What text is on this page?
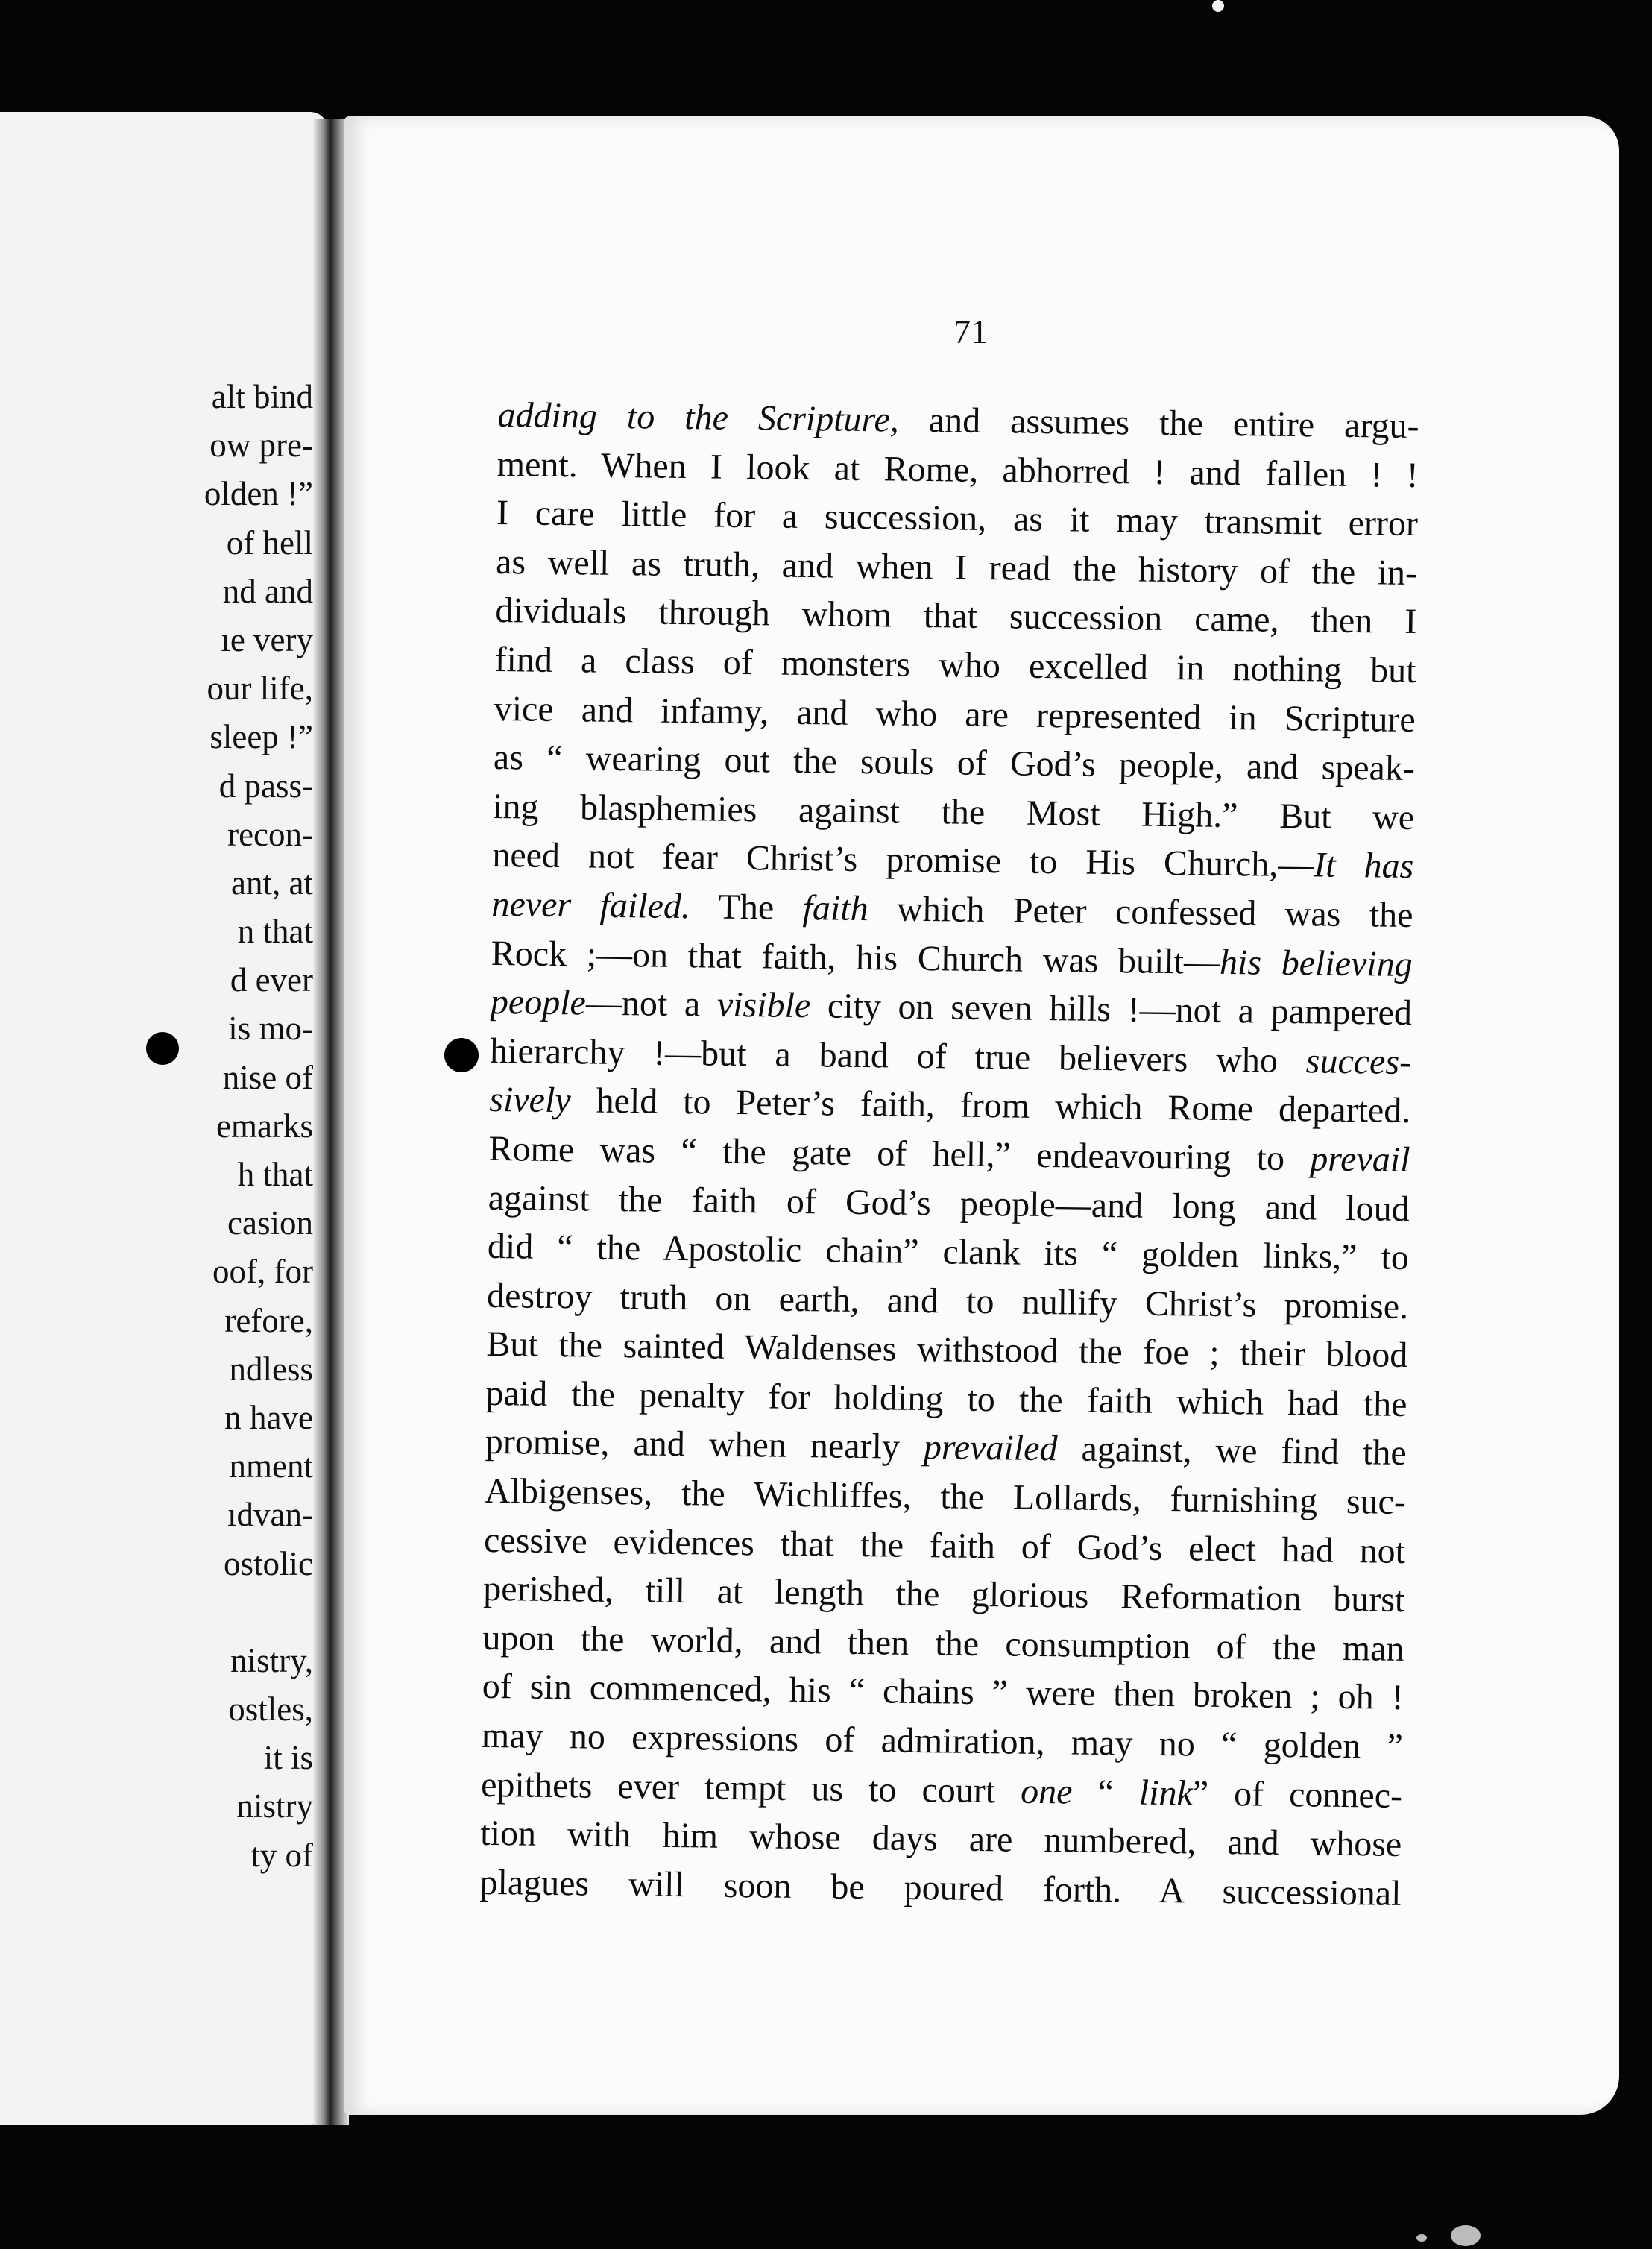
alt bind
ow pre-
olden !”
of hell
nd and
ıe very
our life,
sleep !”
d pass-
recon-
ant, at
n that
d ever
is mo-
nise of
emarks
h that
casion
oof, for
refore,
ndless
n have
nment
ıdvan-
ostolic
nistry,
ostles,
it is
nistry
ty of
71
adding to the Scripture, and assumes the entire argu-
ment. When I look at Rome, abhorred ! and fallen ! !
I care little for a succession, as it may transmit error
as well as truth, and when I read the history of the in-
dividuals through whom that succession came, then I
find a class of monsters who excelled in nothing but
vice and infamy, and who are represented in Scripture
as “ wearing out the souls of God’s people, and speak-
ing blasphemies against the Most High.” But we
need not fear Christ’s promise to His Church,—It has
never failed. The faith which Peter confessed was the
Rock ;—on that faith, his Church was built—his believing
people—not a visible city on seven hills !—not a pampered
hierarchy !—but a band of true believers who succes-
sively held to Peter’s faith, from which Rome departed.
Rome was “ the gate of hell,” endeavouring to prevail
against the faith of God’s people—and long and loud
did “ the Apostolic chain” clank its “ golden links,” to
destroy truth on earth, and to nullify Christ’s promise.
But the sainted Waldenses withstood the foe ; their blood
paid the penalty for holding to the faith which had the
promise, and when nearly prevailed against, we find the
Albigenses, the Wichliffes, the Lollards, furnishing suc-
cessive evidences that the faith of God’s elect had not
perished, till at length the glorious Reformation burst
upon the world, and then the consumption of the man
of sin commenced, his “ chains ” were then broken ; oh !
may no expressions of admiration, may no “ golden ”
epithets ever tempt us to court one “ link” of connec-
tion with him whose days are numbered, and whose
plagues will soon be poured forth. A successional
